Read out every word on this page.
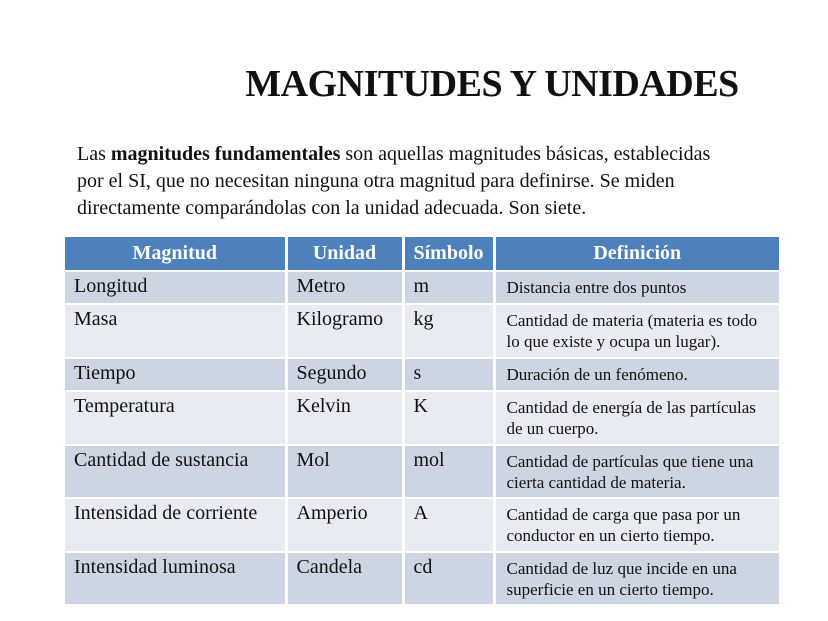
MAGNITUDES Y UNIDADES

Las magnitudes fundamentales son aquellas magnitudes básicas, establecidas
por el SI, que no necesitan ninguna otra magnitud para definirse. Se miden
directamente comparándolas con la unidad adecuada. Son siete.

Magnitud	Unidad	Símbolo	Definición
Longitud	Metro	m	Distancia entre dos puntos
Masa	Kilogramo	kg	Cantidad de materia (materia es todo lo que existe y ocupa un lugar).
Tiempo	Segundo	s	Duración de un fenómeno.
Temperatura	Kelvin	K	Cantidad de energía de las partículas de un cuerpo.
Cantidad de sustancia	Mol	mol	Cantidad de partículas que tiene una cierta cantidad de materia.
Intensidad de corriente	Amperio	A	Cantidad de carga que pasa por un conductor en un cierto tiempo.
Intensidad luminosa	Candela	cd	Cantidad de luz que incide en una superficie en un cierto tiempo.
